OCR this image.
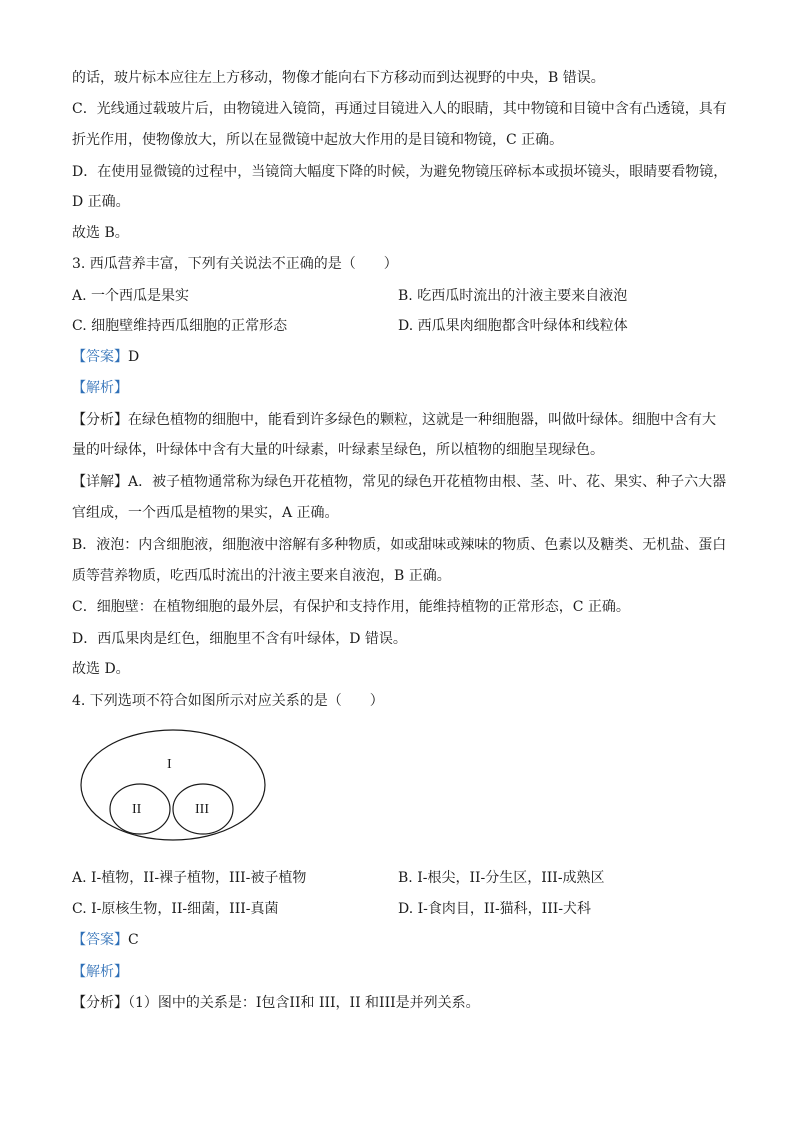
的话，玻片标本应往左上方移动，物像才能向右下方移动而到达视野的中央，B 错误。
C．光线通过载玻片后，由物镜进入镜筒，再通过目镜进入人的眼睛，其中物镜和目镜中含有凸透镜，具有
折光作用，使物像放大，所以在显微镜中起放大作用的是目镜和物镜，C 正确。
D．在使用显微镜的过程中，当镜筒大幅度下降的时候，为避免物镜压碎标本或损坏镜头，眼睛要看物镜，
D 正确。
故选 B。
3. 西瓜营养丰富，下列有关说法不正确的是（　　）
A. 一个西瓜是果实	B. 吃西瓜时流出的汁液主要来自液泡
C. 细胞壁维持西瓜细胞的正常形态	D. 西瓜果肉细胞都含叶绿体和线粒体
【答案】D
【解析】
【分析】在绿色植物的细胞中，能看到许多绿色的颗粒，这就是一种细胞器，叫做叶绿体。细胞中含有大
量的叶绿体，叶绿体中含有大量的叶绿素，叶绿素呈绿色，所以植物的细胞呈现绿色。
【详解】A．被子植物通常称为绿色开花植物，常见的绿色开花植物由根、茎、叶、花、果实、种子六大器
官组成，一个西瓜是植物的果实，A 正确。
B．液泡：内含细胞液，细胞液中溶解有多种物质，如或甜味或辣味的物质、色素以及糖类、无机盐、蛋白
质等营养物质，吃西瓜时流出的汁液主要来自液泡，B 正确。
C．细胞壁：在植物细胞的最外层，有保护和支持作用，能维持植物的正常形态，C 正确。
D．西瓜果肉是红色，细胞里不含有叶绿体，D 错误。
故选 D。
4. 下列选项不符合如图所示对应关系的是（　　）
I
II	III
A. I-植物，II-裸子植物，III-被子植物	B. I-根尖，II-分生区，III-成熟区
C. I-原核生物，II-细菌，III-真菌	D. I-食肉目，II-猫科，III-犬科
【答案】C
【解析】
【分析】（1）图中的关系是：I包含II和 III，II 和III是并列关系。
